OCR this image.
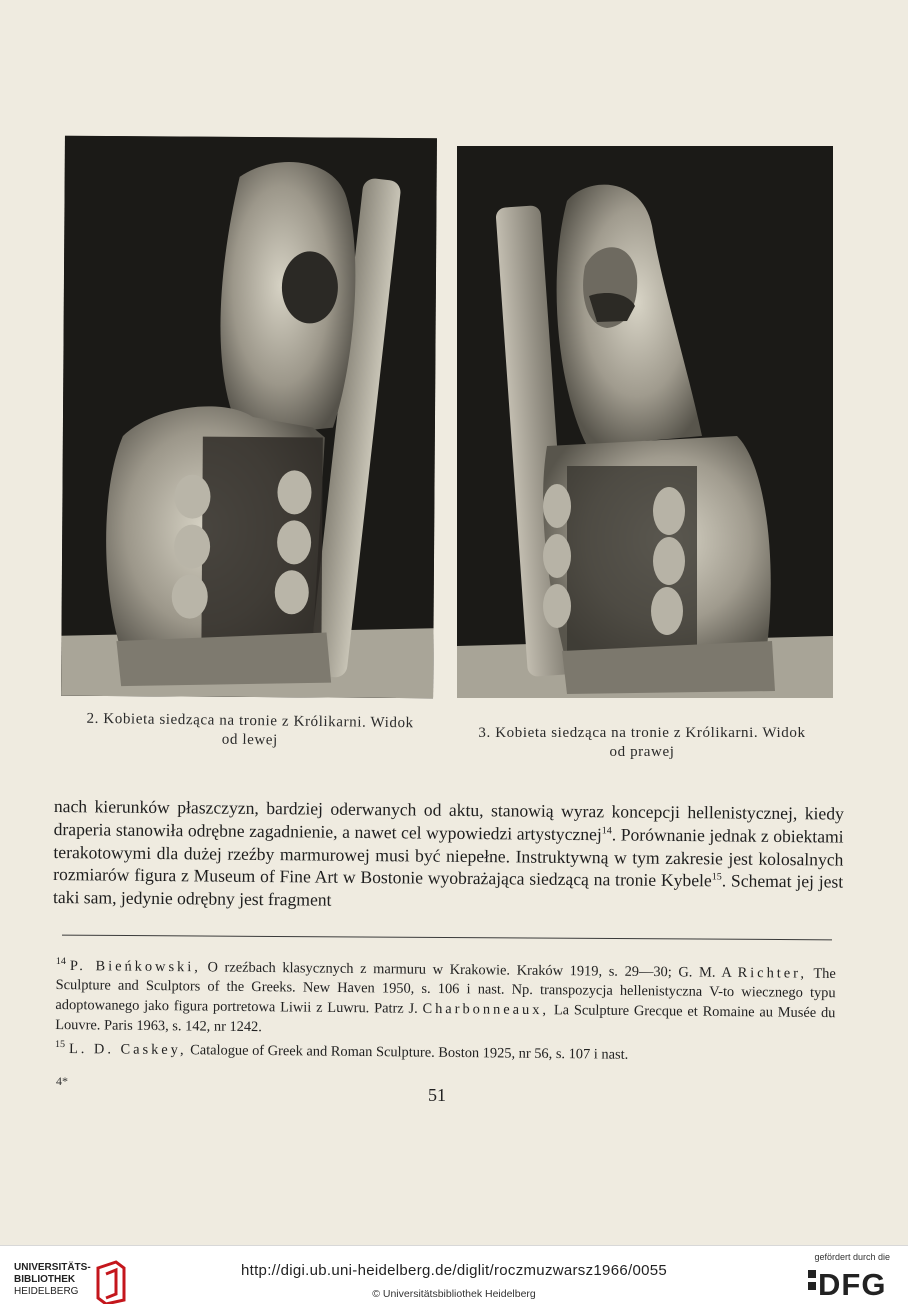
2. Kobieta siedząca na tronie z Królikarni. Widok
od lewej	3. Kobieta siedząca na tronie z Królikarni. Widok
od prawej

nach kierunków płaszczyzn, bardziej oderwanych od aktu, stanowią wyraz koncepcji hellenistycznej, kiedy draperia stanowiła odrębne zagadnienie, a nawet cel wypowiedzi artystycznej$^{14}$. Porównanie jednak z obiektami terakotowymi dla dużej rzeźby marmurowej musi być niepełne. Instruktywną w tym zakresie jest kolosalnych rozmiarów figura z Museum of Fine Art w Bostonie wyobrażająca siedzącą na tronie Kybele$^{15}$. Schemat jej jest taki sam, jedynie odrębny jest fragment

$^{14}$ P. Bieńkowski, O rzeźbach klasycznych z marmuru w Krakowie. Kraków 1919, s. 29—30; G. M. A Richter, The Sculpture and Sculptors of the Greeks. New Haven 1950, s. 106 i nast. Np. transpozycja hellenistyczna V-to wiecznego typu adoptowanego jako figura portretowa Liwii z Luwru. Patrz J. Charbonneaux, La Sculpture Grecque et Romaine au Musée du Louvre. Paris 1963, s. 142, nr 1242.

$^{15}$ L. D. Caskey, Catalogue of Greek and Roman Sculpture. Boston 1925, nr 56, s. 107 i nast.

4*
51
UNIVERSITÄTS-
BIBLIOTHEK
HEIDELBERG
http://digi.ub.uni-heidelberg.de/diglit/roczmuzwarsz1966/0055
© Universitätsbibliothek Heidelberg
gefördert durch die
DFG
